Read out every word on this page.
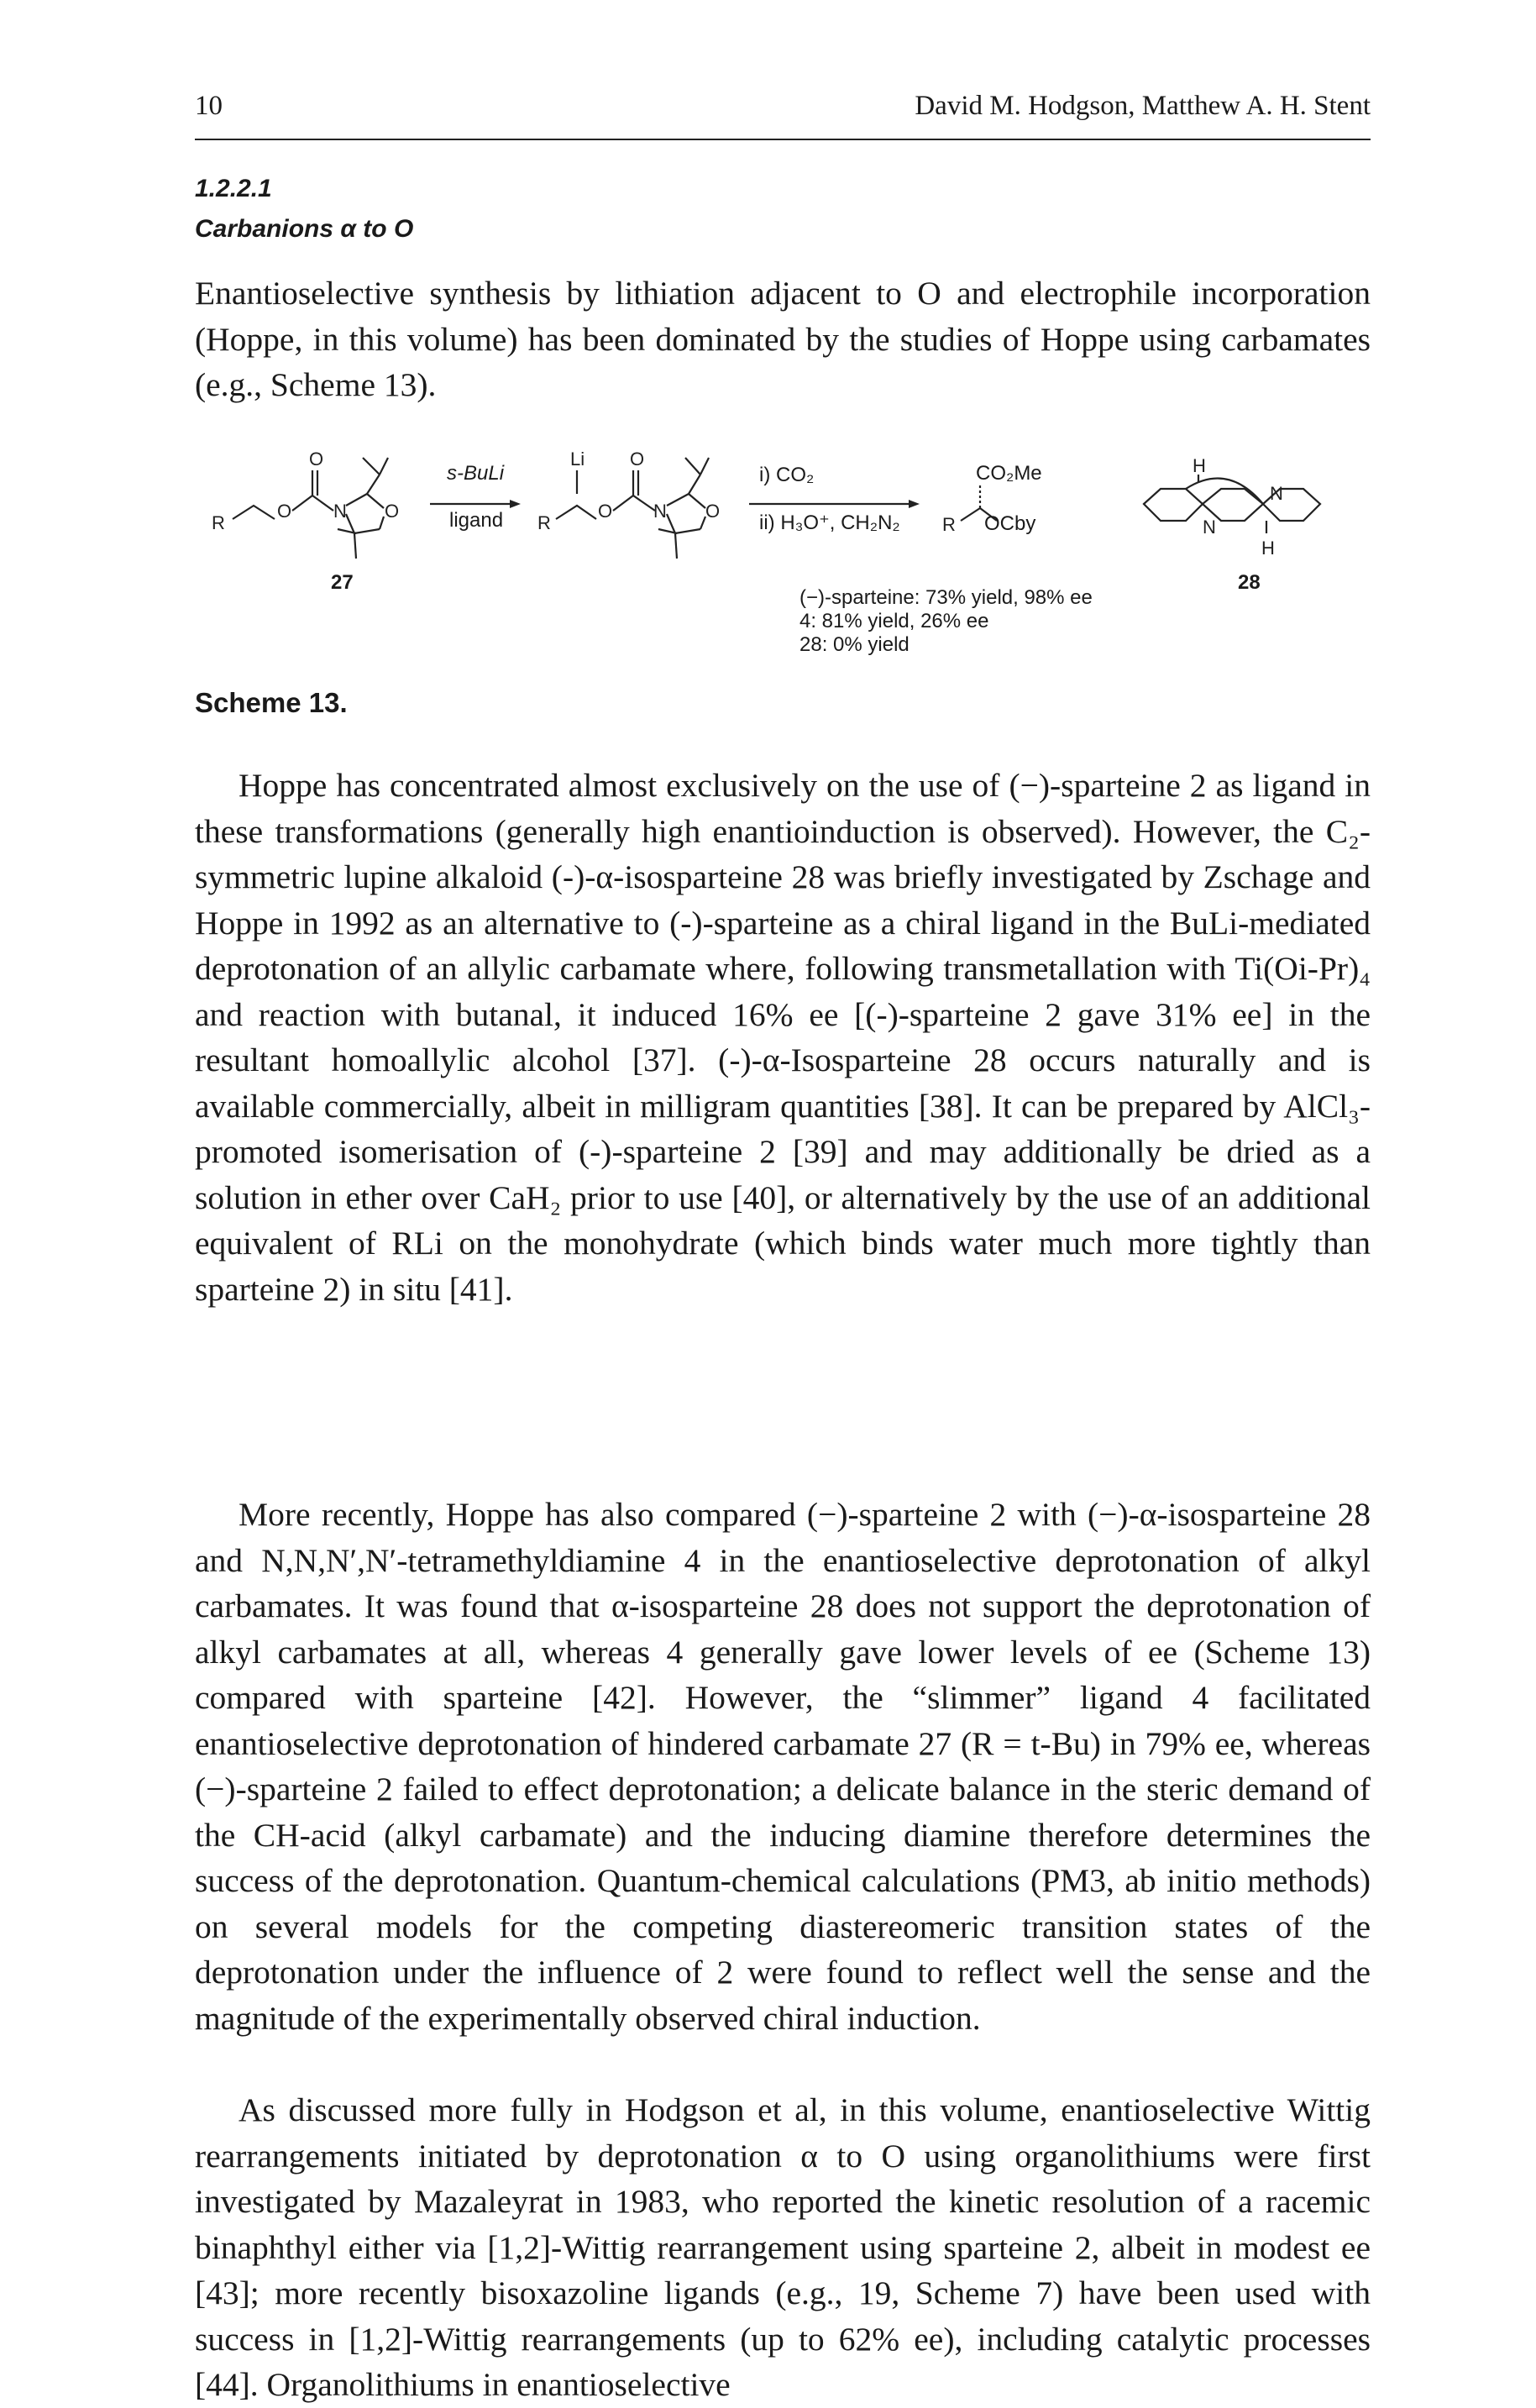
10	David M. Hodgson, Matthew A. H. Stent
1.2.2.1
Carbanions α to O

Enantioselective synthesis by lithiation adjacent to O and electrophile incorporation (Hoppe, in this volume) has been dominated by the studies of Hoppe using carbamates (e.g., Scheme 13).

R
O
O
N O
Li
R
O
O
N O
R
H
N
N
H
s-BuLi
ligand
i) CO₂
ii) H₃O⁺, CH₂N₂
CO₂Me
OCby
27	28
(−)-sparteine: 73% yield, 98% ee
4: 81% yield, 26% ee
28: 0% yield
Scheme 13.

Hoppe has concentrated almost exclusively on the use of (−)-sparteine 2 as ligand in these transformations (generally high enantioinduction is observed). However, the C₂-symmetric lupine alkaloid (-)-α-isosparteine 28 was briefly investigated by Zschage and Hoppe in 1992 as an alternative to (-)-sparteine as a chiral ligand in the BuLi-mediated deprotonation of an allylic carbamate where, following transmetallation with Ti(Oi-Pr)₄ and reaction with butanal, it induced 16% ee [(-)-sparteine 2 gave 31% ee] in the resultant homoallylic alcohol [37]. (-)-α-Isosparteine 28 occurs naturally and is available commercially, albeit in milligram quantities [38]. It can be prepared by AlCl₃-promoted isomerisation of (-)-sparteine 2 [39] and may additionally be dried as a solution in ether over CaH₂ prior to use [40], or alternatively by the use of an additional equivalent of RLi on the monohydrate (which binds water much more tightly than sparteine 2) in situ [41].

More recently, Hoppe has also compared (−)-sparteine 2 with (−)-α-isosparteine 28 and N,N,N′,N′-tetramethyldiamine 4 in the enantioselective deprotonation of alkyl carbamates. It was found that α-isosparteine 28 does not support the deprotonation of alkyl carbamates at all, whereas 4 generally gave lower levels of ee (Scheme 13) compared with sparteine [42]. However, the “slimmer” ligand 4 facilitated enantioselective deprotonation of hindered carbamate 27 (R = t-Bu) in 79% ee, whereas (−)-sparteine 2 failed to effect deprotonation; a delicate balance in the steric demand of the CH-acid (alkyl carbamate) and the inducing diamine therefore determines the success of the deprotonation. Quantum-chemical calculations (PM3, ab initio methods) on several models for the competing diastereomeric transition states of the deprotonation under the influence of 2 were found to reflect well the sense and the magnitude of the experimentally observed chiral induction.

As discussed more fully in Hodgson et al, in this volume, enantioselective Wittig rearrangements initiated by deprotonation α to O using organolithiums were first investigated by Mazaleyrat in 1983, who reported the kinetic resolution of a racemic binaphthyl either via [1,2]-Wittig rearrangement using sparteine 2, albeit in modest ee [43]; more recently bisoxazoline ligands (e.g., 19, Scheme 7) have been used with success in [1,2]-Wittig rearrangements (up to 62% ee), including catalytic processes [44]. Organolithiums in enantioselective
